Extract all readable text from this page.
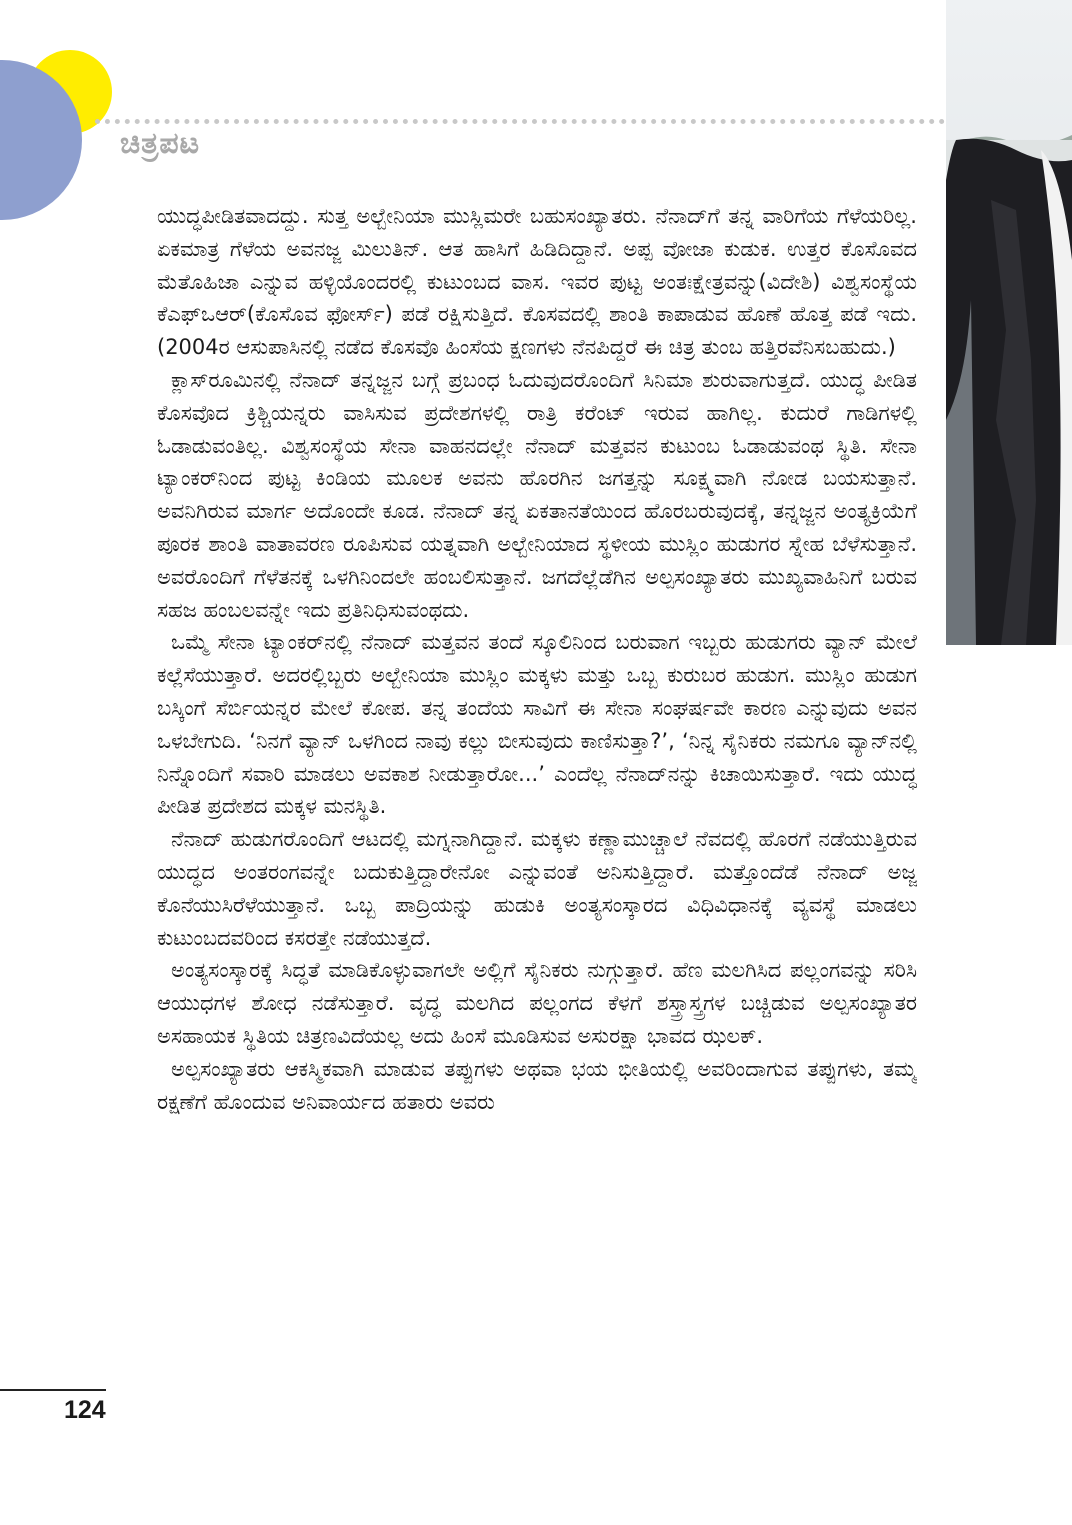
ಚಿತ್ರಪಟ

ಯುದ್ಧಪೀಡಿತವಾದದ್ದು. ಸುತ್ತ ಅಲ್ಬೇನಿಯಾ ಮುಸ್ಲಿಮರೇ ಬಹುಸಂಖ್ಯಾತರು. ನೆನಾದ್‌ಗೆ ತನ್ನ ವಾರಿಗೆಯ ಗೆಳೆಯರಿಲ್ಲ. ಏಕಮಾತ್ರ ಗೆಳೆಯ ಅವನಜ್ಜ ಮಿಲುತಿನ್. ಆತ ಹಾಸಿಗೆ ಹಿಡಿದಿದ್ದಾನೆ. ಅಪ್ಪ ವೋಜಾ ಕುಡುಕ. ಉತ್ತರ ಕೊಸೊವದ ಮೆತೊಹಿಜಾ ಎನ್ನುವ ಹಳ್ಳಿಯೊಂದರಲ್ಲಿ ಕುಟುಂಬದ ವಾಸ. ಇವರ ಪುಟ್ಟ ಅಂತಃಕ್ಷೇತ್ರವನ್ನು(ವಿದೇಶಿ) ವಿಶ್ವಸಂಸ್ಥೆಯ ಕೆಎಫ್‌ಒಆರ್(ಕೊಸೊವ ಫೋರ್ಸ್) ಪಡೆ ರಕ್ಷಿಸುತ್ತಿದೆ. ಕೊಸವದಲ್ಲಿ ಶಾಂತಿ ಕಾಪಾಡುವ ಹೊಣೆ ಹೊತ್ತ ಪಡೆ ಇದು. (2004ರ ಆಸುಪಾಸಿನಲ್ಲಿ ನಡೆದ ಕೊಸವೊ ಹಿಂಸೆಯ ಕ್ಷಣಗಳು ನೆನಪಿದ್ದರೆ ಈ ಚಿತ್ರ ತುಂಬ ಹತ್ತಿರವೆನಿಸಬಹುದು.)

ಕ್ಲಾಸ್‌ರೂಮಿನಲ್ಲಿ ನೆನಾದ್ ತನ್ನಜ್ಜನ ಬಗ್ಗೆ ಪ್ರಬಂಧ ಓದುವುದರೊಂದಿಗೆ ಸಿನಿಮಾ ಶುರುವಾಗುತ್ತದೆ. ಯುದ್ಧ ಪೀಡಿತ ಕೊಸವೊದ ಕ್ರಿಶ್ಚಿಯನ್ನರು ವಾಸಿಸುವ ಪ್ರದೇಶಗಳಲ್ಲಿ ರಾತ್ರಿ ಕರೆಂಟ್ ಇರುವ ಹಾಗಿಲ್ಲ. ಕುದುರೆ ಗಾಡಿಗಳಲ್ಲಿ ಓಡಾಡುವಂತಿಲ್ಲ. ವಿಶ್ವಸಂಸ್ಥೆಯ ಸೇನಾ ವಾಹನದಲ್ಲೇ ನೆನಾದ್ ಮತ್ತವನ ಕುಟುಂಬ ಓಡಾಡುವಂಥ ಸ್ಥಿತಿ. ಸೇನಾ ಟ್ಯಾಂಕರ್‌ನಿಂದ ಪುಟ್ಟ ಕಿಂಡಿಯ ಮೂಲಕ ಅವನು ಹೊರಗಿನ ಜಗತ್ತನ್ನು ಸೂಕ್ಷ್ಮವಾಗಿ ನೋಡ ಬಯಸುತ್ತಾನೆ. ಅವನಿಗಿರುವ ಮಾರ್ಗ ಅದೊಂದೇ ಕೂಡ. ನೆನಾದ್ ತನ್ನ ಏಕತಾನತೆಯಿಂದ ಹೊರಬರುವುದಕ್ಕೆ, ತನ್ನಜ್ಜನ ಅಂತ್ಯಕ್ರಿಯೆಗೆ ಪೂರಕ ಶಾಂತಿ ವಾತಾವರಣ ರೂಪಿಸುವ ಯತ್ನವಾಗಿ ಅಲ್ಬೇನಿಯಾದ ಸ್ಥಳೀಯ ಮುಸ್ಲಿಂ ಹುಡುಗರ ಸ್ನೇಹ ಬೆಳೆಸುತ್ತಾನೆ. ಅವರೊಂದಿಗೆ ಗೆಳೆತನಕ್ಕೆ ಒಳಗಿನಿಂದಲೇ ಹಂಬಲಿಸುತ್ತಾನೆ. ಜಗದೆಲ್ಲೆಡೆಗಿನ ಅಲ್ಪಸಂಖ್ಯಾತರು ಮುಖ್ಯವಾಹಿನಿಗೆ ಬರುವ ಸಹಜ ಹಂಬಲವನ್ನೇ ಇದು ಪ್ರತಿನಿಧಿಸುವಂಥದು.

ಒಮ್ಮೆ ಸೇನಾ ಟ್ಯಾಂಕರ್‌ನಲ್ಲಿ ನೆನಾದ್ ಮತ್ತವನ ತಂದೆ ಸ್ಕೂಲಿನಿಂದ ಬರುವಾಗ ಇಬ್ಬರು ಹುಡುಗರು ವ್ಯಾನ್ ಮೇಲೆ ಕಲ್ಲೆಸೆಯುತ್ತಾರೆ. ಅದರಲ್ಲಿಬ್ಬರು ಅಲ್ಬೇನಿಯಾ ಮುಸ್ಲಿಂ ಮಕ್ಕಳು ಮತ್ತು ಒಬ್ಬ ಕುರುಬರ ಹುಡುಗ. ಮುಸ್ಲಿಂ ಹುಡುಗ ಬಸ್ಕಿಂಗೆ ಸೆರ್ಬಿಯನ್ನರ ಮೇಲೆ ಕೋಪ. ತನ್ನ ತಂದೆಯ ಸಾವಿಗೆ ಈ ಸೇನಾ ಸಂಘರ್ಷವೇ ಕಾರಣ ಎನ್ನುವುದು ಅವನ ಒಳಬೇಗುದಿ. ‘ನಿನಗೆ ವ್ಯಾನ್ ಒಳಗಿಂದ ನಾವು ಕಲ್ಲು ಬೀಸುವುದು ಕಾಣಿಸುತ್ತಾ?’, ‘ನಿನ್ನ ಸೈನಿಕರು ನಮಗೂ ವ್ಯಾನ್‌ನಲ್ಲಿ ನಿನ್ನೊಂದಿಗೆ ಸವಾರಿ ಮಾಡಲು ಅವಕಾಶ ನೀಡುತ್ತಾರೋ...’ ಎಂದೆಲ್ಲ ನೆನಾದ್‌ನನ್ನು ಕಿಚಾಯಿಸುತ್ತಾರೆ. ಇದು ಯುದ್ಧ ಪೀಡಿತ ಪ್ರದೇಶದ ಮಕ್ಕಳ ಮನಸ್ಥಿತಿ.

ನೆನಾದ್ ಹುಡುಗರೊಂದಿಗೆ ಆಟದಲ್ಲಿ ಮಗ್ನನಾಗಿದ್ದಾನೆ. ಮಕ್ಕಳು ಕಣ್ಣಾಮುಚ್ಚಾಲೆ ನೆವದಲ್ಲಿ ಹೊರಗೆ ನಡೆಯುತ್ತಿರುವ ಯುದ್ಧದ ಅಂತರಂಗವನ್ನೇ ಬದುಕುತ್ತಿದ್ದಾರೇನೋ ಎನ್ನುವಂತೆ ಅನಿಸುತ್ತಿದ್ದಾರೆ. ಮತ್ತೊಂದೆಡೆ ನೆನಾದ್ ಅಜ್ಜ ಕೊನೆಯುಸಿರೆಳೆಯುತ್ತಾನೆ. ಒಬ್ಬ ಪಾದ್ರಿಯನ್ನು ಹುಡುಕಿ ಅಂತ್ಯಸಂಸ್ಕಾರದ ವಿಧಿವಿಧಾನಕ್ಕೆ ವ್ಯವಸ್ಥೆ ಮಾಡಲು ಕುಟುಂಬದವರಿಂದ ಕಸರತ್ತೇ ನಡೆಯುತ್ತದೆ.

ಅಂತ್ಯಸಂಸ್ಕಾರಕ್ಕೆ ಸಿದ್ಧತೆ ಮಾಡಿಕೊಳ್ಳುವಾಗಲೇ ಅಲ್ಲಿಗೆ ಸೈನಿಕರು ನುಗ್ಗುತ್ತಾರೆ. ಹೆಣ ಮಲಗಿಸಿದ ಪಲ್ಲಂಗವನ್ನು ಸರಿಸಿ ಆಯುಧಗಳ ಶೋಧ ನಡೆಸುತ್ತಾರೆ. ವೃದ್ಧ ಮಲಗಿದ ಪಲ್ಲಂಗದ ಕೆಳಗೆ ಶಸ್ತ್ರಾಸ್ತ್ರಗಳ ಬಚ್ಚಿಡುವ ಅಲ್ಪಸಂಖ್ಯಾತರ ಅಸಹಾಯಕ ಸ್ಥಿತಿಯ ಚಿತ್ರಣವಿದೆಯಲ್ಲ ಅದು ಹಿಂಸೆ ಮೂಡಿಸುವ ಅಸುರಕ್ಷಾ ಭಾವದ ಝಲಕ್.

ಅಲ್ಪಸಂಖ್ಯಾತರು ಆಕಸ್ಮಿಕವಾಗಿ ಮಾಡುವ ತಪ್ಪುಗಳು ಅಥವಾ ಭಯ ಭೀತಿಯಲ್ಲಿ ಅವರಿಂದಾಗುವ ತಪ್ಪುಗಳು, ತಮ್ಮ ರಕ್ಷಣೆಗೆ ಹೊಂದುವ ಅನಿವಾರ್ಯದ ಹತಾರು ಅವರು

124
